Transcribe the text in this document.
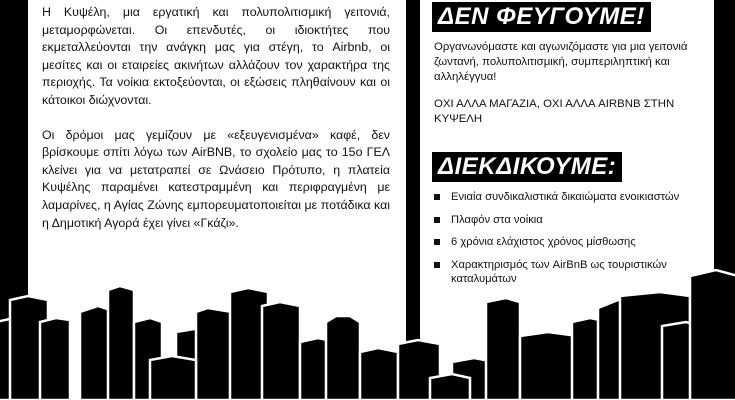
Η Κυψέλη, μια εργατική και πολυπολιτισμική γειτονιά, μεταμορφώνεται. Οι επενδυτές, οι ιδιοκτήτες που εκμεταλλεύονται την ανάγκη μας για στέγη, το Airbnb, οι μεσίτες και οι εταιρείες ακινήτων αλλάζουν τον χαρακτήρα της περιοχής. Τα νοίκια εκτοξεύονται, οι εξώσεις πληθαίνουν και οι κάτοικοι διώχνονται.

Οι δρόμοι μας γεμίζουν με «εξευγενισμένα» καφέ, δεν βρίσκουμε σπίτι λόγω των AirBNB, το σχολείο μας το 15ο ΓΕΛ κλείνει για να μετατραπεί σε Ωνάσειο Πρότυπο, η πλατεία Κυψέλης παραμένει κατεστραμμένη και περιφραγμένη με λαμαρίνες, η Αγίας Ζώνης εμπορευματοποιείται με ποτάδικα και η Δημοτική Αγορά έχει γίνει «Γκάζι».

ΔΕΝ ΦΕΥΓΟΥΜΕ!
Οργανωνόμαστε και αγωνιζόμαστε για μια γειτονιά ζωντανή, πολυπολιτισμική, συμπεριληπτική και αλληλέγγυα!
ΟΧΙ ΑΛΛΑ ΜΑΓΑΖΙΑ, ΟΧΙ ΑΛΛΑ AIRBNB ΣΤΗΝ ΚΥΨΕΛΗ
ΔΙΕΚΔΙΚΟΥΜΕ:
Ενιαία συνδικαλιστικά δικαιώματα ενοικιαστών
Πλαφόν στα νοίκια
6 χρόνια ελάχιστος χρόνος μίσθωσης
Χαρακτηρισμός των AirBnB ως τουριστικών καταλυμάτων
